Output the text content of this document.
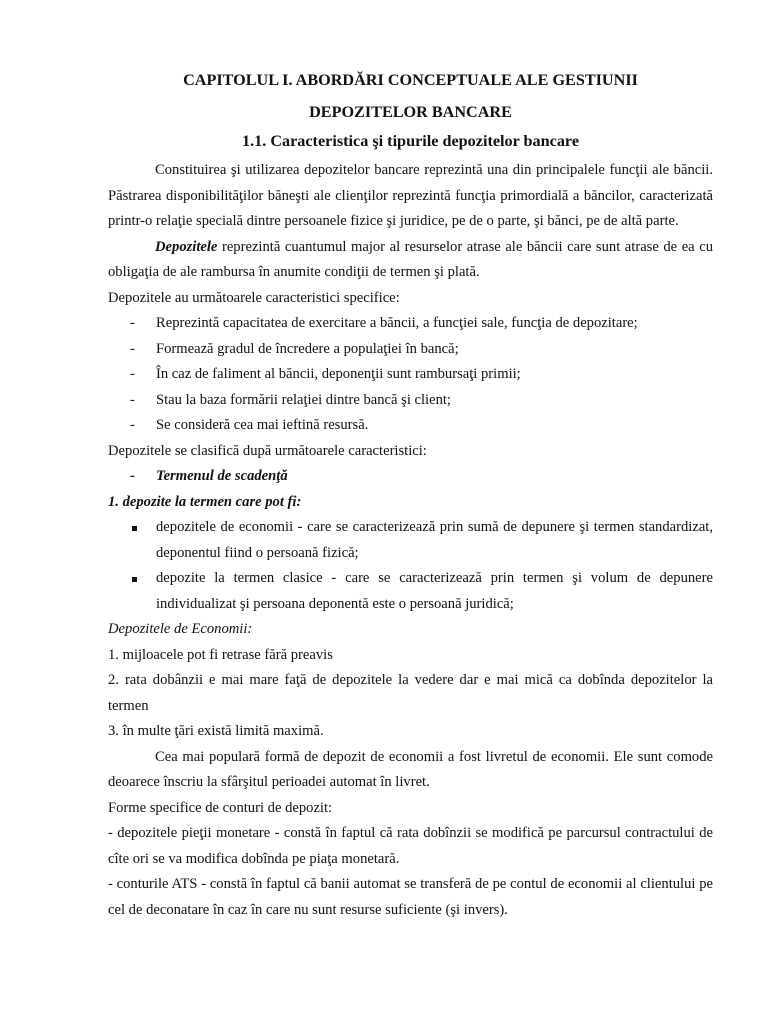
CAPITOLUL I. ABORDĂRI CONCEPTUALE ALE GESTIUNII

DEPOZITELOR BANCARE

1.1. Caracteristica şi tipurile depozitelor bancare

Constituirea şi utilizarea depozitelor bancare reprezintă una din principalele funcţii ale băncii. Păstrarea disponibilităţilor băneşti ale clienţilor reprezintă funcţia primordială a băncilor, caracterizată printr-o relaţie specială dintre persoanele fizice şi juridice, pe de o parte, şi bănci, pe de altă parte.

Depozitele reprezintă cuantumul major al resurselor atrase ale băncii care sunt atrase de ea cu obligaţia de ale rambursa în anumite condiţii de termen şi plată.

Depozitele au următoarele caracteristici specifice:

-	Reprezintă capacitatea de exercitare a băncii, a funcţiei sale, funcţia de depozitare;
-	Formează gradul de încredere a populaţiei în bancă;
-	În caz de faliment al băncii, deponenţii sunt rambursaţi primii;
-	Stau la baza formării relaţiei dintre bancă şi client;
-	Se consideră cea mai ieftină resursă.

Depozitele se clasifică după următoarele caracteristici:

-	Termenul de scadenţă

1. depozite la termen care pot fi:

depozitele de economii - care se caracterizează prin sumă de depunere şi termen standardizat, deponentul fiind o persoană fizică;
depozite la termen clasice - care se caracterizează prin termen şi volum de depunere individualizat şi persoana deponentă este o persoană juridică;

Depozitele de Economii:

1. mijloacele pot fi retrase fără preavis

2. rata dobânzii e mai mare faţă de depozitele la vedere dar e mai mică ca dobînda depozitelor la termen

3. în multe ţări există limită maximă.

Cea mai populară formă de depozit de economii a fost livretul de economii. Ele sunt comode deoarece înscriu la sfârşitul perioadei automat în livret.

Forme specifice de conturi de depozit:

- depozitele pieţii monetare - constă în faptul că rata dobînzii se modifică pe parcursul contractului de cîte ori se va modifica dobînda pe piaţa monetară.

- conturile ATS - constă în faptul că banii automat se transferă de pe contul de economii al clientului pe cel de deconatare în caz în care nu sunt resurse suficiente (şi invers).
